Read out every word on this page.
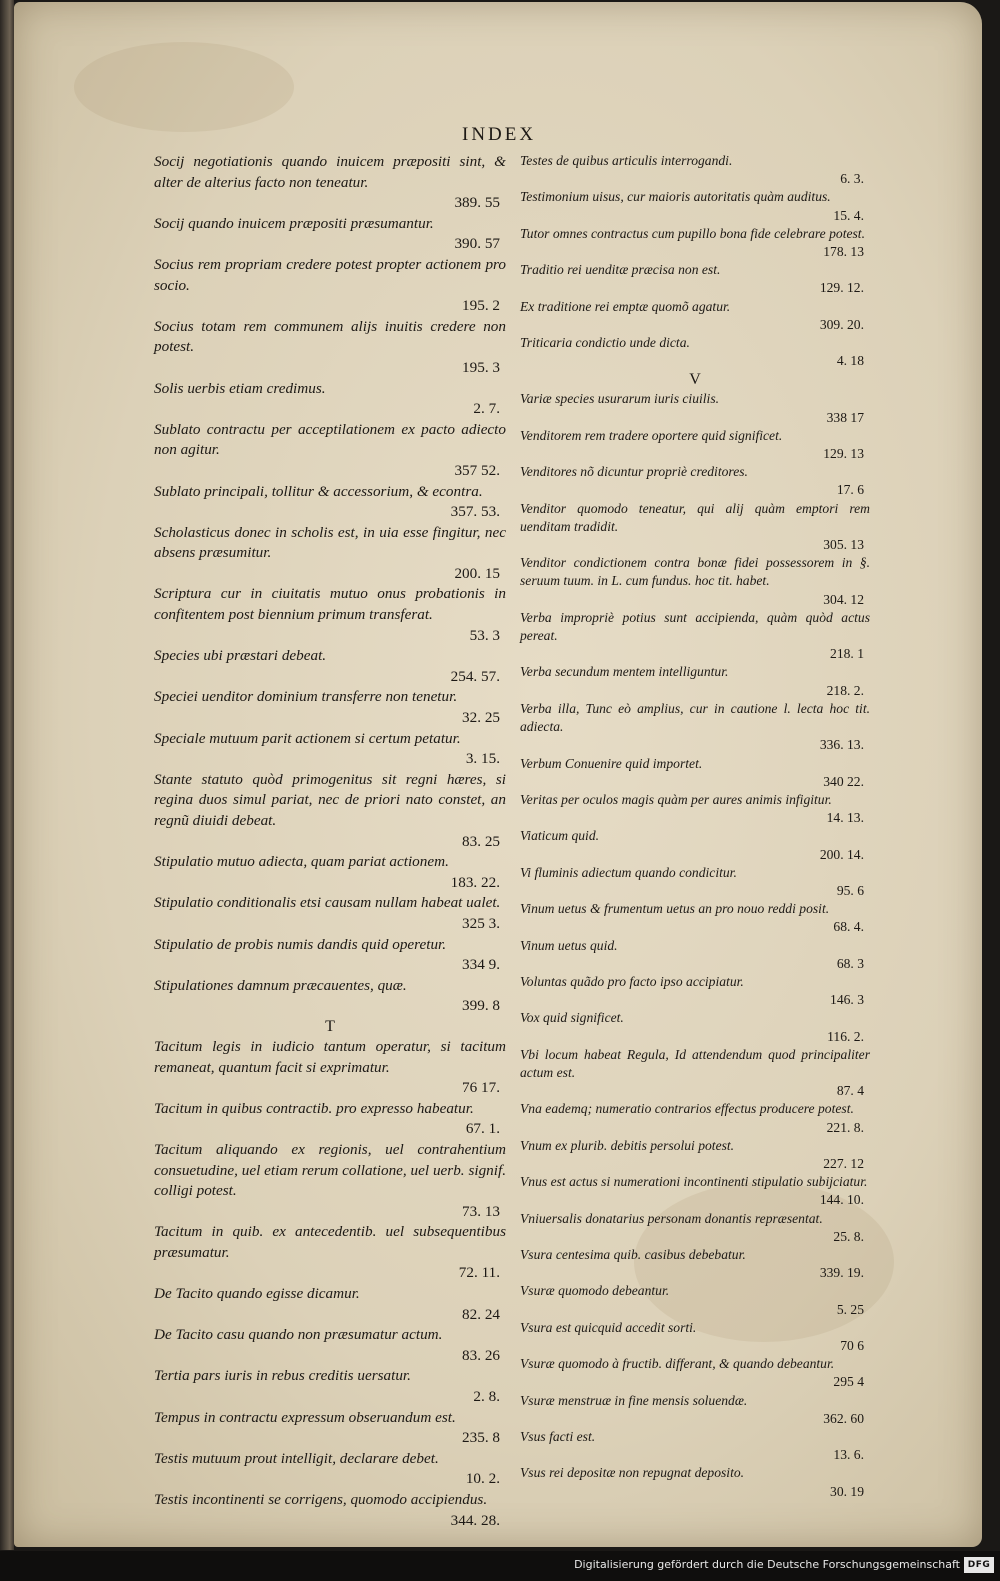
INDEX
Socij negotiationis quando inuicem præpositi sint, & alter de alterius facto non teneatur.
389. 55
Socij quando inuicem præpositi præsumantur.
390. 57
Socius rem propriam credere potest propter actionem pro socio.
195. 2
Socius totam rem communem alijs inuitis credere non potest.
195. 3
Solis uerbis etiam credimus.
2. 7.
Sublato contractu per acceptilationem ex pacto adiecto non agitur.
357 52.
Sublato principali, tollitur & accessorium, & econtra.
357. 53.
Scholasticus donec in scholis est, in uia esse fingitur, nec absens præsumitur.
200. 15
Scriptura cur in ciuitatis mutuo onus probationis in confitentem post biennium primum transferat.
53. 3
Species ubi præstari debeat.
254. 57.
Speciei uenditor dominium transferre non tenetur.
32. 25
Speciale mutuum parit actionem si certum petatur.
3. 15.
Stante statuto quòd primogenitus sit regni hæres, si regina duos simul pariat, nec de priori nato constet, an regnũ diuidi debeat.
83. 25
Stipulatio mutuo adiecta, quam pariat actionem.
183. 22.
Stipulatio conditionalis etsi causam nullam habeat ualet.
325 3.
Stipulatio de probis numis dandis quid operetur.
334 9.
Stipulationes damnum præcauentes, quæ.
399. 8
T
Tacitum legis in iudicio tantum operatur, si tacitum remaneat, quantum facit si exprimatur.
76 17.
Tacitum in quibus contractib. pro expresso habeatur.
67. 1.
Tacitum aliquando ex regionis, uel contrahentium consuetudine, uel etiam rerum collatione, uel uerb. signif. colligi potest.
73. 13
Tacitum in quib. ex antecedentib. uel subsequentibus præsumatur.
72. 11.
De Tacito quando egisse dicamur.
82. 24
De Tacito casu quando non præsumatur actum.
83. 26
Tertia pars iuris in rebus creditis uersatur.
2. 8.
Tempus in contractu expressum obseruandum est.
235. 8
Testis mutuum prout intelligit, declarare debet.
10. 2.
Testis incontinenti se corrigens, quomodo accipiendus.
344. 28.
Testes de quibus articulis interrogandi.
6. 3.
Testimonium uisus, cur maioris autoritatis quàm auditus.
15. 4.
Tutor omnes contractus cum pupillo bona fide celebrare potest.
178. 13
Traditio rei uenditæ præcisa non est.
129. 12.
Ex traditione rei emptæ quomõ agatur.
309. 20.
Triticaria condictio unde dicta.
4. 18
V
Variæ species usurarum iuris ciuilis.
338 17
Venditorem rem tradere oportere quid significet.
129. 13
Venditores nõ dicuntur propriè creditores.
17. 6
Venditor quomodo teneatur, qui alij quàm emptori rem uenditam tradidit.
305. 13
Venditor condictionem contra bonæ fidei possessorem in §. seruum tuum. in L. cum fundus. hoc tit. habet.
304. 12
Verba impropriè potius sunt accipienda, quàm quòd actus pereat.
218. 1
Verba secundum mentem intelliguntur.
218. 2.
Verba illa, Tunc eò amplius, cur in cautione l. lecta hoc tit. adiecta.
336. 13.
Verbum Conuenire quid importet.
340 22.
Veritas per oculos magis quàm per aures animis infigitur.
14. 13.
Viaticum quid.
200. 14.
Vi fluminis adiectum quando condicitur.
95. 6
Vinum uetus & frumentum uetus an pro nouo reddi posit.
68. 4.
Vinum uetus quid.
68. 3
Voluntas quãdo pro facto ipso accipiatur.
146. 3
Vox quid significet.
116. 2.
Vbi locum habeat Regula, Id attendendum quod principaliter actum est.
87. 4
Vna eademq; numeratio contrarios effectus producere potest.
221. 8.
Vnum ex plurib. debitis persolui potest.
227. 12
Vnus est actus si numerationi incontinenti stipulatio subijciatur.
144. 10.
Vniuersalis donatarius personam donantis repræsentat.
25. 8.
Vsura centesima quib. casibus debebatur.
339. 19.
Vsuræ quomodo debeantur.
5. 25
Vsura est quicquid accedit sorti.
70 6
Vsuræ quomodo à fructib. differant, & quando debeantur.
295 4
Vsuræ menstruæ in fine mensis soluendæ.
362. 60
Vsus facti est.
13. 6.
Vsus rei depositæ non repugnat deposito.
30. 19
Digitalisierung gefördert durch die Deutsche Forschungsgemeinschaft DFG
